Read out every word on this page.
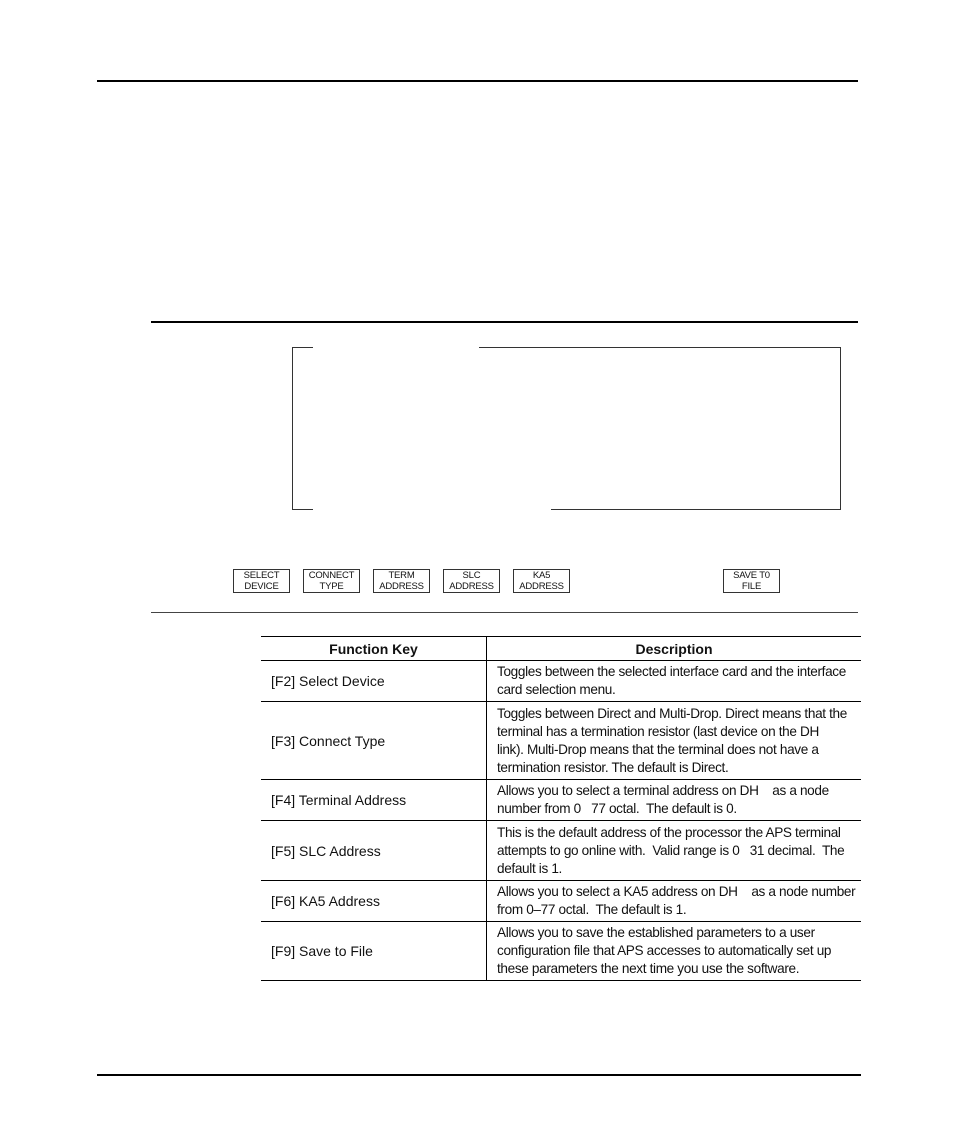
SELECT
DEVICE
CONNECT
TYPE
TERM
ADDRESS
SLC
ADDRESS
KA5
ADDRESS
SAVE T0
FILE
Function Key	Description
[F2] Select Device	Toggles between the selected interface card and the interface
card selection menu.

[F3] Connect Type	Toggles between Direct and Multi-Drop. Direct means that the
terminal has a termination resistor (last device on the DH
link). Multi-Drop means that the terminal does not have a
termination resistor. The default is Direct.

[F4] Terminal Address	Allows you to select a terminal address on DH    as a node
number from 0   77 octal.  The default is 0.

[F5] SLC Address	This is the default address of the processor the APS terminal
attempts to go online with.  Valid range is 0   31 decimal.  The
default is 1.

[F6] KA5 Address	Allows you to select a KA5 address on DH    as a node number
from 0–77 octal.  The default is 1.

[F9] Save to File	Allows you to save the established parameters to a user
configuration file that APS accesses to automatically set up
these parameters the next time you use the software.
